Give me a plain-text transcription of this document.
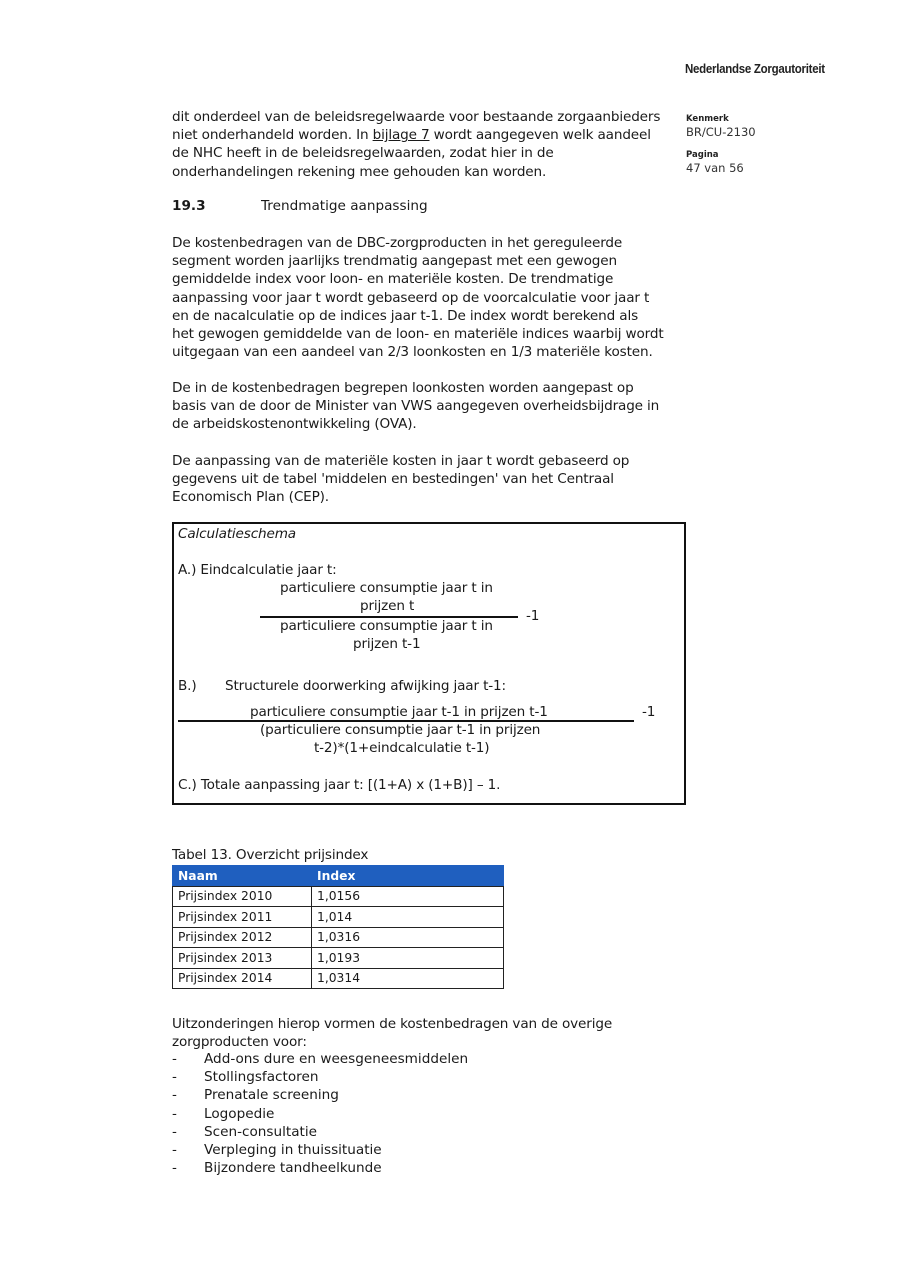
Nederlandse Zorgautoriteit
Kenmerk
BR/CU-2130
Pagina
47 van 56
dit onderdeel van de beleidsregelwaarde voor bestaande zorgaanbieders
niet onderhandeld worden. In bijlage 7 wordt aangegeven welk aandeel
de NHC heeft in de beleidsregelwaarden, zodat hier in de
onderhandelingen rekening mee gehouden kan worden.
19.3	Trendmatige aanpassing
De kostenbedragen van de DBC-zorgproducten in het gereguleerde
segment worden jaarlijks trendmatig aangepast met een gewogen
gemiddelde index voor loon- en materiële kosten. De trendmatige
aanpassing voor jaar t wordt gebaseerd op de voorcalculatie voor jaar t
en de nacalculatie op de indices jaar t-1. De index wordt berekend als
het gewogen gemiddelde van de loon- en materiële indices waarbij wordt
uitgegaan van een aandeel van 2/3 loonkosten en 1/3 materiële kosten.
De in de kostenbedragen begrepen loonkosten worden aangepast op
basis van de door de Minister van VWS aangegeven overheidsbijdrage in
de arbeidskostenontwikkeling (OVA).
De aanpassing van de materiële kosten in jaar t wordt gebaseerd op
gegevens uit de tabel 'middelen en bestedingen' van het Centraal
Economisch Plan (CEP).
Calculatieschema
A.) Eindcalculatie jaar t:
particuliere consumptie jaar t in
prijzen t
-1
particuliere consumptie jaar t in
prijzen t-1
B.) Structurele doorwerking afwijking jaar t-1:
particuliere consumptie jaar t-1 in prijzen t-1	-1
(particuliere consumptie jaar t-1 in prijzen
t-2)*(1+eindcalculatie t-1)
C.) Totale aanpassing jaar t: [(1+A) x (1+B)] – 1.
Tabel 13. Overzicht prijsindex
Naam	Index
Prijsindex 2010	1,0156
Prijsindex 2011	1,014
Prijsindex 2012	1,0316
Prijsindex 2013	1,0193
Prijsindex 2014	1,0314
Uitzonderingen hierop vormen de kostenbedragen van de overige
zorgproducten voor:
- Add-ons dure en weesgeneesmiddelen
- Stollingsfactoren
- Prenatale screening
- Logopedie
- Scen-consultatie
- Verpleging in thuissituatie
- Bijzondere tandheelkunde
